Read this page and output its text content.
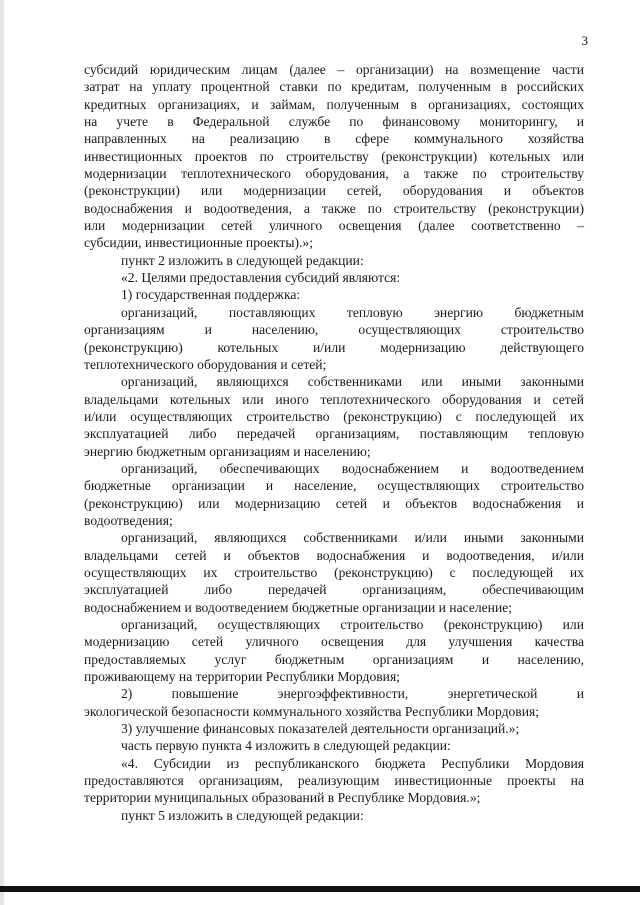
3
субсидий юридическим лицам (далее – организации) на возмещение части
затрат на уплату процентной ставки по кредитам, полученным в российских
кредитных организациях, и займам, полученным в организациях, состоящих
на учете в Федеральной службе по финансовому мониторингу, и
направленных на реализацию в сфере коммунального хозяйства
инвестиционных проектов по строительству (реконструкции) котельных или
модернизации теплотехнического оборудования, а также по строительству
(реконструкции) или модернизации сетей, оборудования и объектов
водоснабжения и водоотведения, а также по строительству (реконструкции)
или модернизации сетей уличного освещения (далее соответственно –
субсидии, инвестиционные проекты).»;
пункт 2 изложить в следующей редакции:
«2. Целями предоставления субсидий являются:
1) государственная поддержка:
организаций, поставляющих тепловую энергию бюджетным
организациям и населению, осуществляющих строительство
(реконструкцию) котельных и/или модернизацию действующего
теплотехнического оборудования и сетей;
организаций, являющихся собственниками или иными законными
владельцами котельных или иного теплотехнического оборудования и сетей
и/или осуществляющих строительство (реконструкцию) с последующей их
эксплуатацией либо передачей организациям, поставляющим тепловую
энергию бюджетным организациям и населению;
организаций, обеспечивающих водоснабжением и водоотведением
бюджетные организации и население, осуществляющих строительство
(реконструкцию) или модернизацию сетей и объектов водоснабжения и
водоотведения;
организаций, являющихся собственниками и/или иными законными
владельцами сетей и объектов водоснабжения и водоотведения, и/или
осуществляющих их строительство (реконструкцию) с последующей их
эксплуатацией либо передачей организациям, обеспечивающим
водоснабжением и водоотведением бюджетные организации и население;
организаций, осуществляющих строительство (реконструкцию) или
модернизацию сетей уличного освещения для улучшения качества
предоставляемых услуг бюджетным организациям и населению,
проживающему на территории Республики Мордовия;
2) повышение энергоэффективности, энергетической и
экологической безопасности коммунального хозяйства Республики Мордовия;
3) улучшение финансовых показателей деятельности организаций.»;
часть первую пункта 4 изложить в следующей редакции:
«4. Субсидии из республиканского бюджета Республики Мордовия
предоставляются организациям, реализующим инвестиционные проекты на
территории муниципальных образований в Республике Мордовия.»;
пункт 5 изложить в следующей редакции:
